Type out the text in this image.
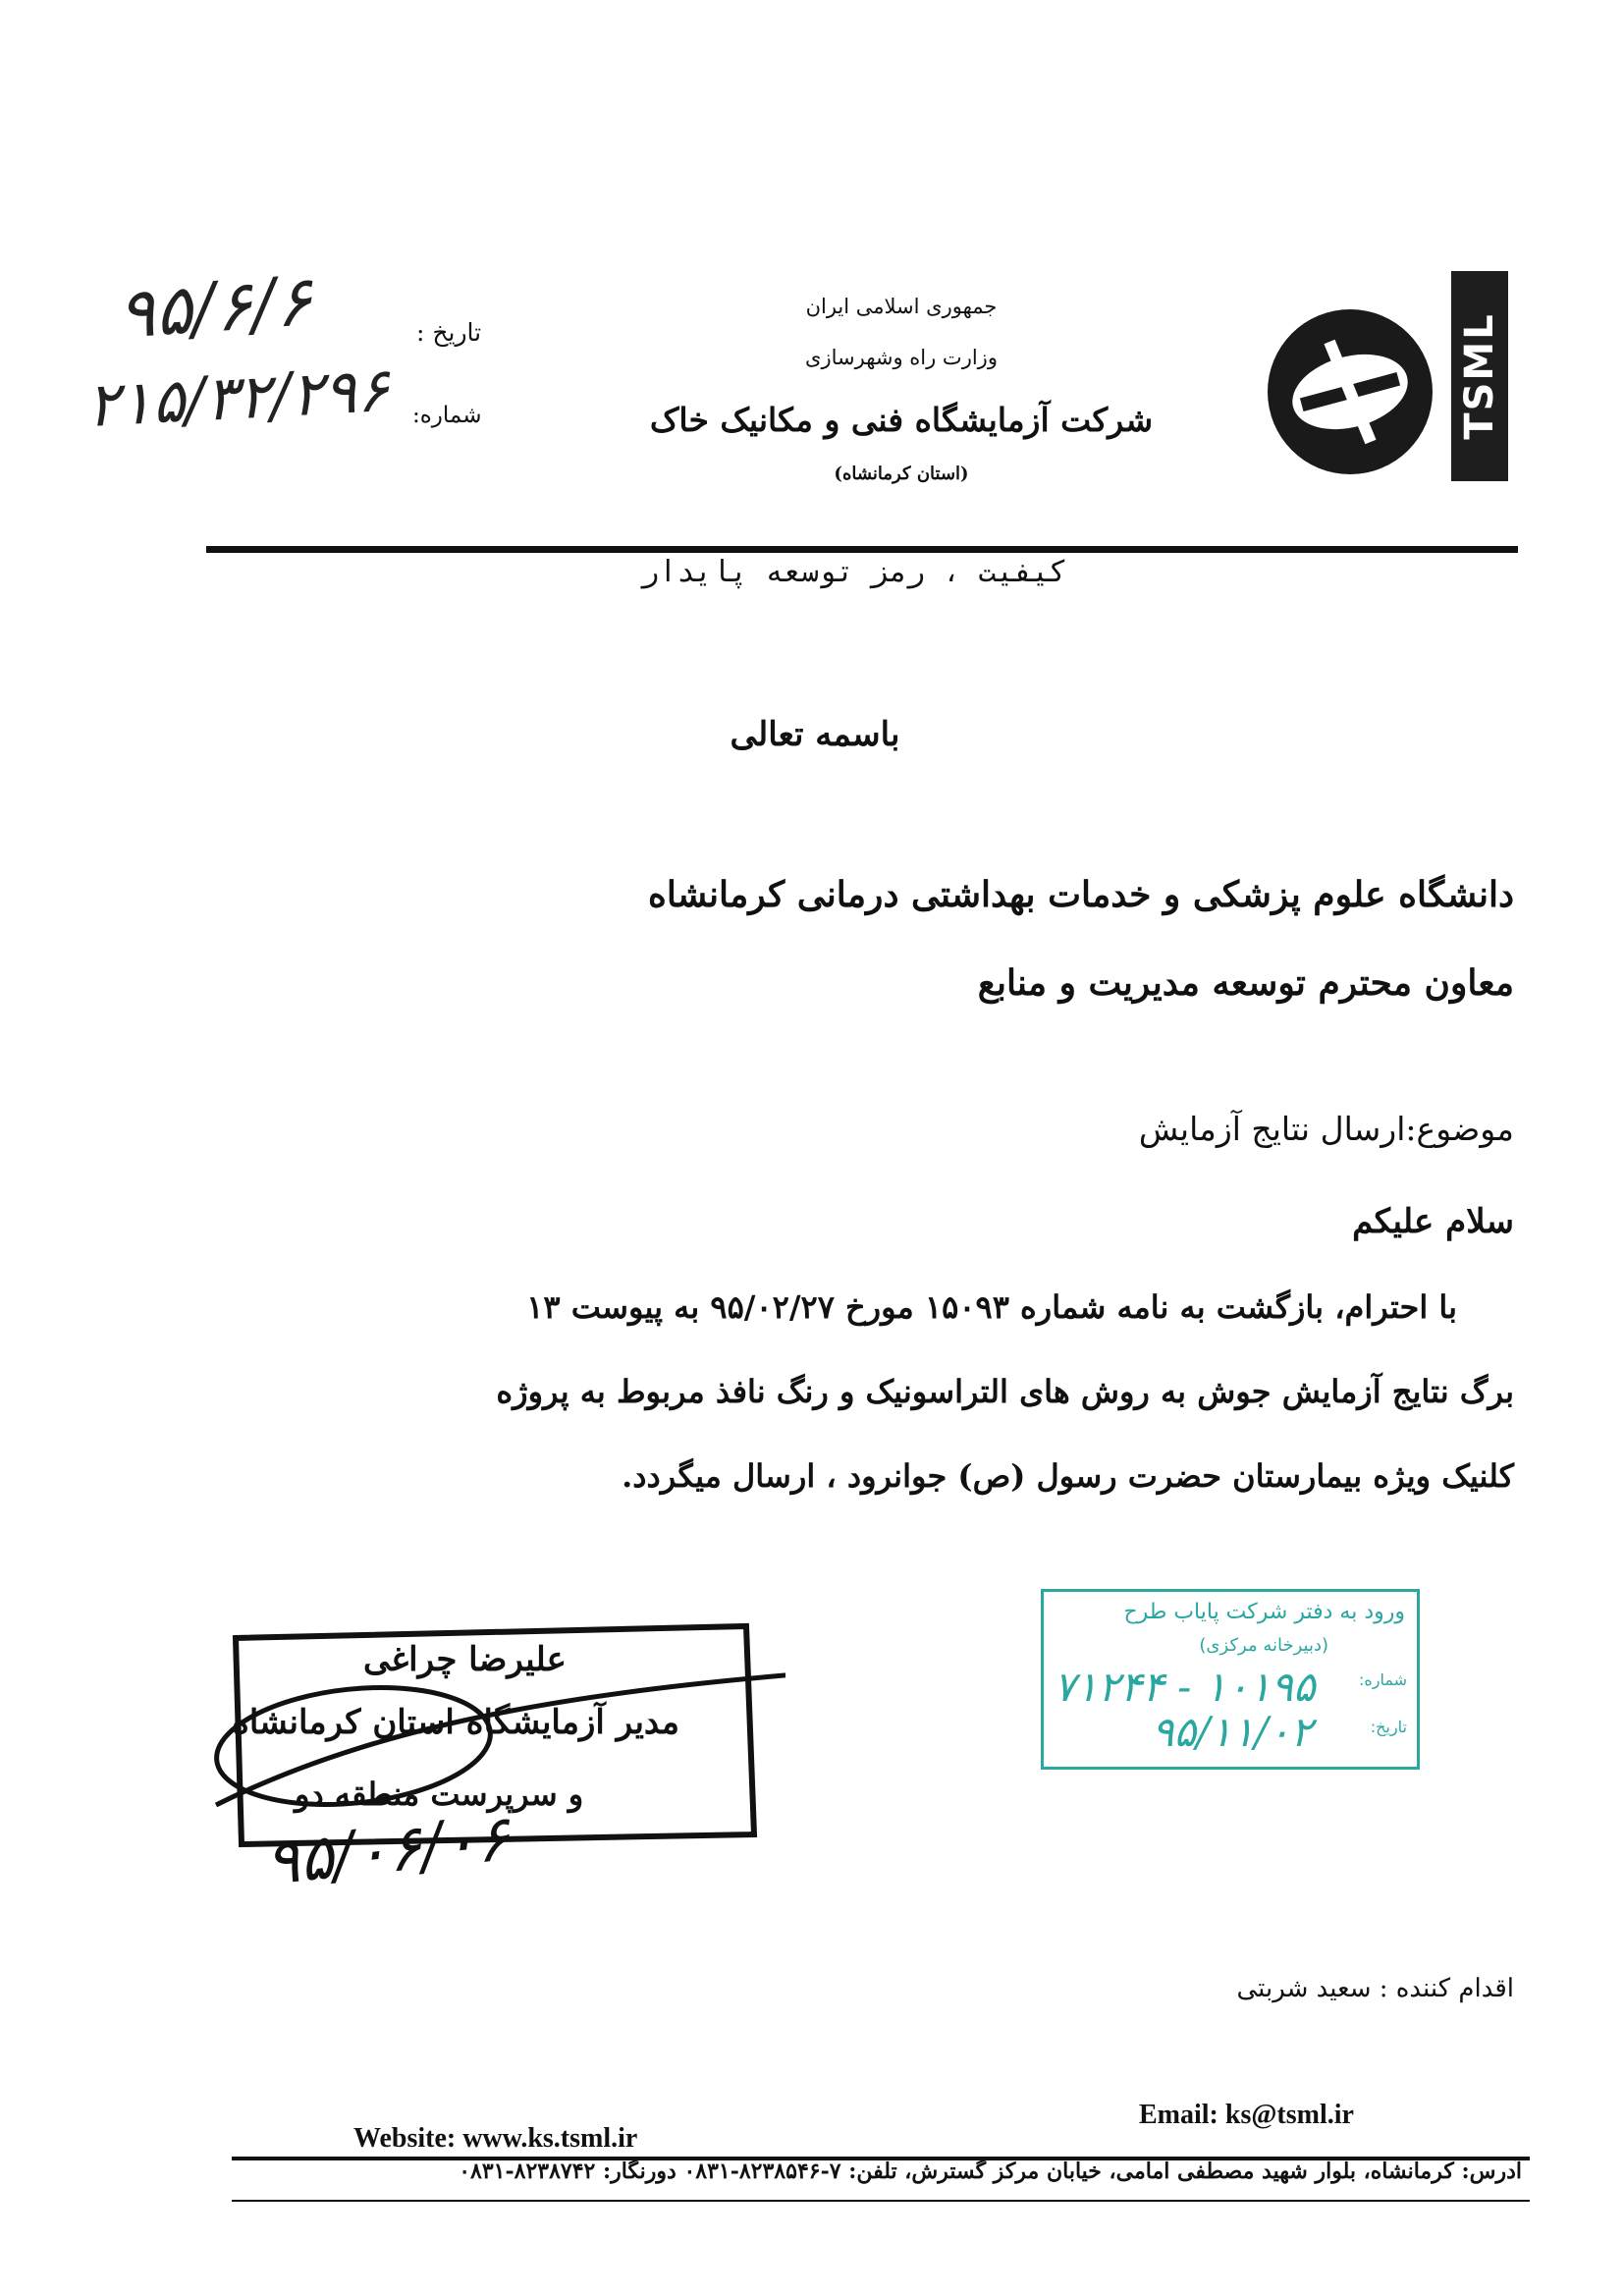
TSML
جمهوری اسلامی ایران
وزارت راه وشهرسازی
شرکت آزمایشگاه فنی و مکانیک خاک
(استان کرمانشاه)
تاریخ :
شماره:
۹۵/۶/۶
۲۱۵/۳۲/۲۹۶
کیفیت ، رمز توسعه پایدار
باسمه تعالی
دانشگاه علوم پزشکی و خدمات بهداشتی درمانی کرمانشاه
معاون محترم توسعه مدیریت و منابع
موضوع:ارسال نتایج آزمایش
سلام علیکم
با احترام، بازگشت به نامه شماره ۱۵۰۹۳ مورخ ۹۵/۰۲/۲۷ به پیوست ۱۳
برگ نتایج آزمایش جوش به روش های التراسونیک و رنگ نافذ مربوط به پروژه
کلنیک ویژه بیمارستان حضرت رسول (ص) جوانرود ، ارسال میگردد.
علیرضا چراغی
مدیر آزمایشگاه استان کرمانشاه
و سرپرست منطقه دو
۹۵/۰۶/۰۶
ورود به دفتر شرکت پایاب طرح
(دبیرخانه مرکزی)
شماره:
تاریخ:
۱۰۱۹۵ - ۷۱۲۴۴
۹۵/۱۱/۰۲
اقدام کننده : سعید شربتی
Email: ks@tsml.ir
Website: www.ks.tsml.ir
آدرس: کرمانشاه، بلوار شهید مصطفی امامی، خیابان مرکز گسترش، تلفن: ۷-۸۲۳۸۵۴۶-۰۸۳۱ دورنگار: ۸۲۳۸۷۴۲-۰۸۳۱
